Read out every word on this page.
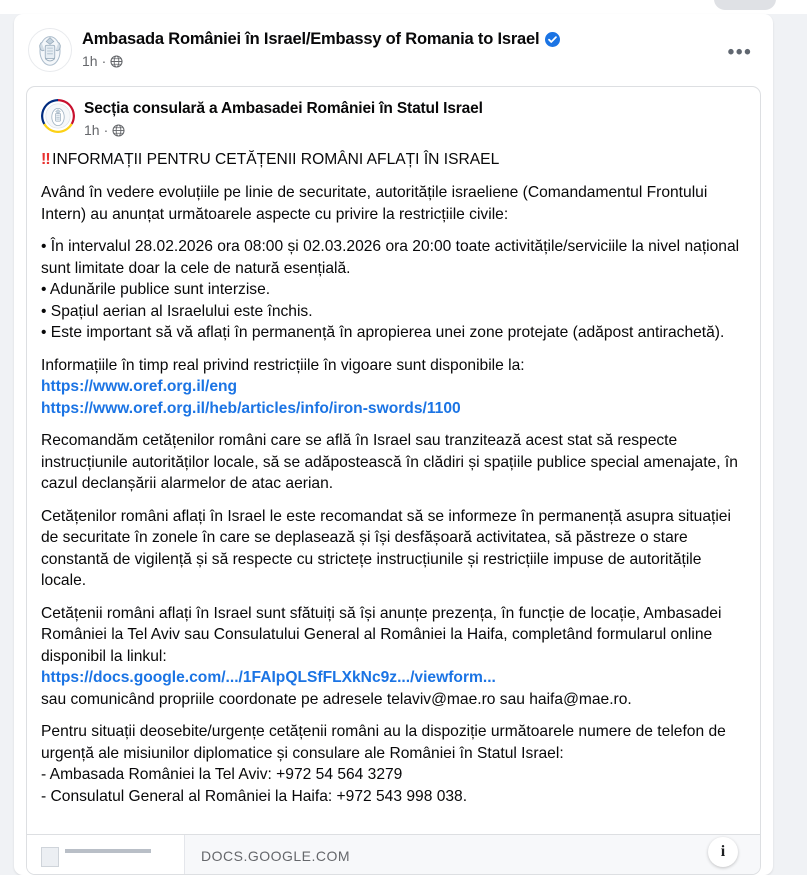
Ambasada României în Israel/Embassy of Romania to Israel
1h ·	•••
Secția consulară a Ambasadei României în Statul Israel
1h ·
‼ INFORMAȚII PENTRU CETĂȚENII ROMÂNI AFLAȚI ÎN ISRAEL
Având în vedere evoluțiile pe linie de securitate, autoritățile israeliene (Comandamentul Frontului Intern) au anunțat următoarele aspecte cu privire la restricțiile civile:
• În intervalul 28.02.2026 ora 08:00 și 02.03.2026 ora 20:00 toate activitățile/serviciile la nivel național sunt limitate doar la cele de natură esențială.
• Adunările publice sunt interzise.
• Spațiul aerian al Israelului este închis.
• Este important să vă aflați în permanență în apropierea unei zone protejate (adăpost antirachetă).
Informațiile în timp real privind restricțiile în vigoare sunt disponibile la:
https://www.oref.org.il/eng
https://www.oref.org.il/heb/articles/info/iron-swords/1100
Recomandăm cetățenilor români care se află în Israel sau tranzitează acest stat să respecte instrucțiunile autorităților locale, să se adăpostească în clădiri și spațiile publice special amenajate, în cazul declanșării alarmelor de atac aerian.
Cetățenilor români aflați în Israel le este recomandat să se informeze în permanență asupra situației de securitate în zonele în care se deplasează și își desfășoară activitatea, să păstreze o stare constantă de vigilență și să respecte cu strictețe instrucțiunile și restricțiile impuse de autoritățile locale.
Cetățenii români aflați în Israel sunt sfătuiți să își anunțe prezența, în funcție de locație, Ambasadei României la Tel Aviv sau Consulatului General al României la Haifa, completând formularul online disponibil la linkul:
https://docs.google.com/.../1FAIpQLSfFLXkNc9z.../viewform...
sau comunicând propriile coordonate pe adresele telaviv@mae.ro sau haifa@mae.ro.
Pentru situații deosebite/urgențe cetățenii români au la dispoziție următoarele numere de telefon de urgență ale misiunilor diplomatice și consulare ale României în Statul Israel:
- Ambasada României la Tel Aviv: +972 54 564 3279
- Consulatul General al României la Haifa: +972 543 998 038.
DOCS.GOOGLE.COM	i
